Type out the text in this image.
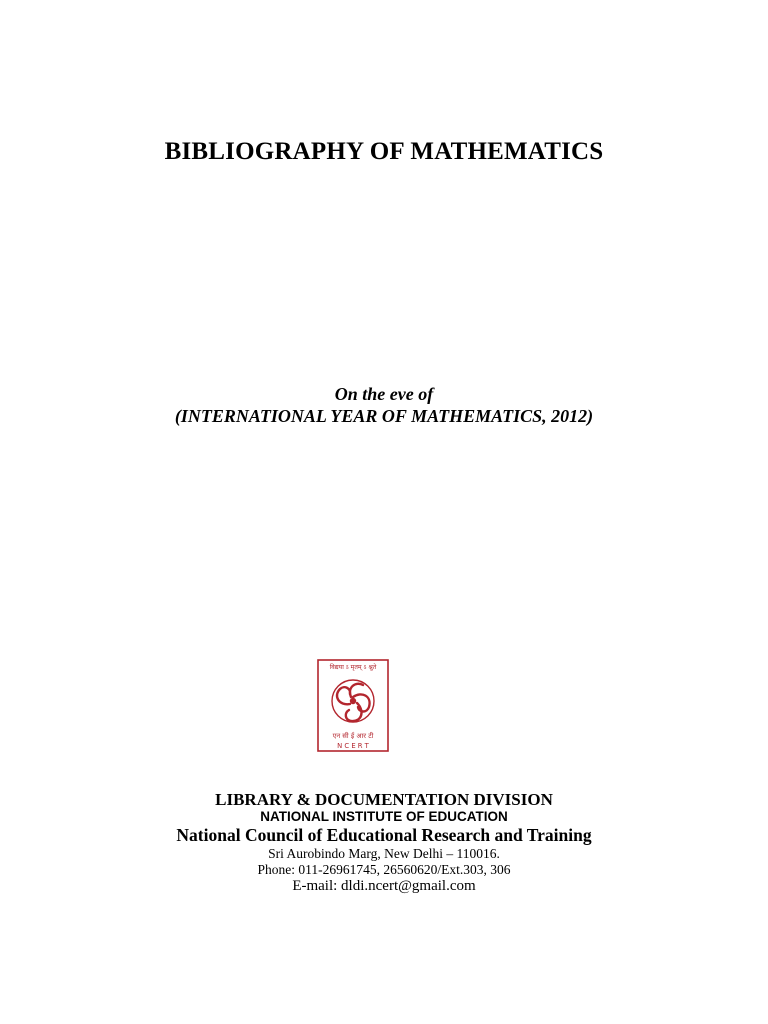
BIBLIOGRAPHY OF MATHEMATICS
On the eve of
(INTERNATIONAL YEAR OF MATHEMATICS, 2012)
विद्यया ऽ मृतम् ऽ श्नुते
एन सी ई आर टी
N C E R T
LIBRARY & DOCUMENTATION DIVISION
NATIONAL INSTITUTE OF EDUCATION
National Council of Educational Research and Training
Sri Aurobindo Marg, New Delhi – 110016.
Phone: 011-26961745, 26560620/Ext.303, 306
E-mail: dldi.ncert@gmail.com
